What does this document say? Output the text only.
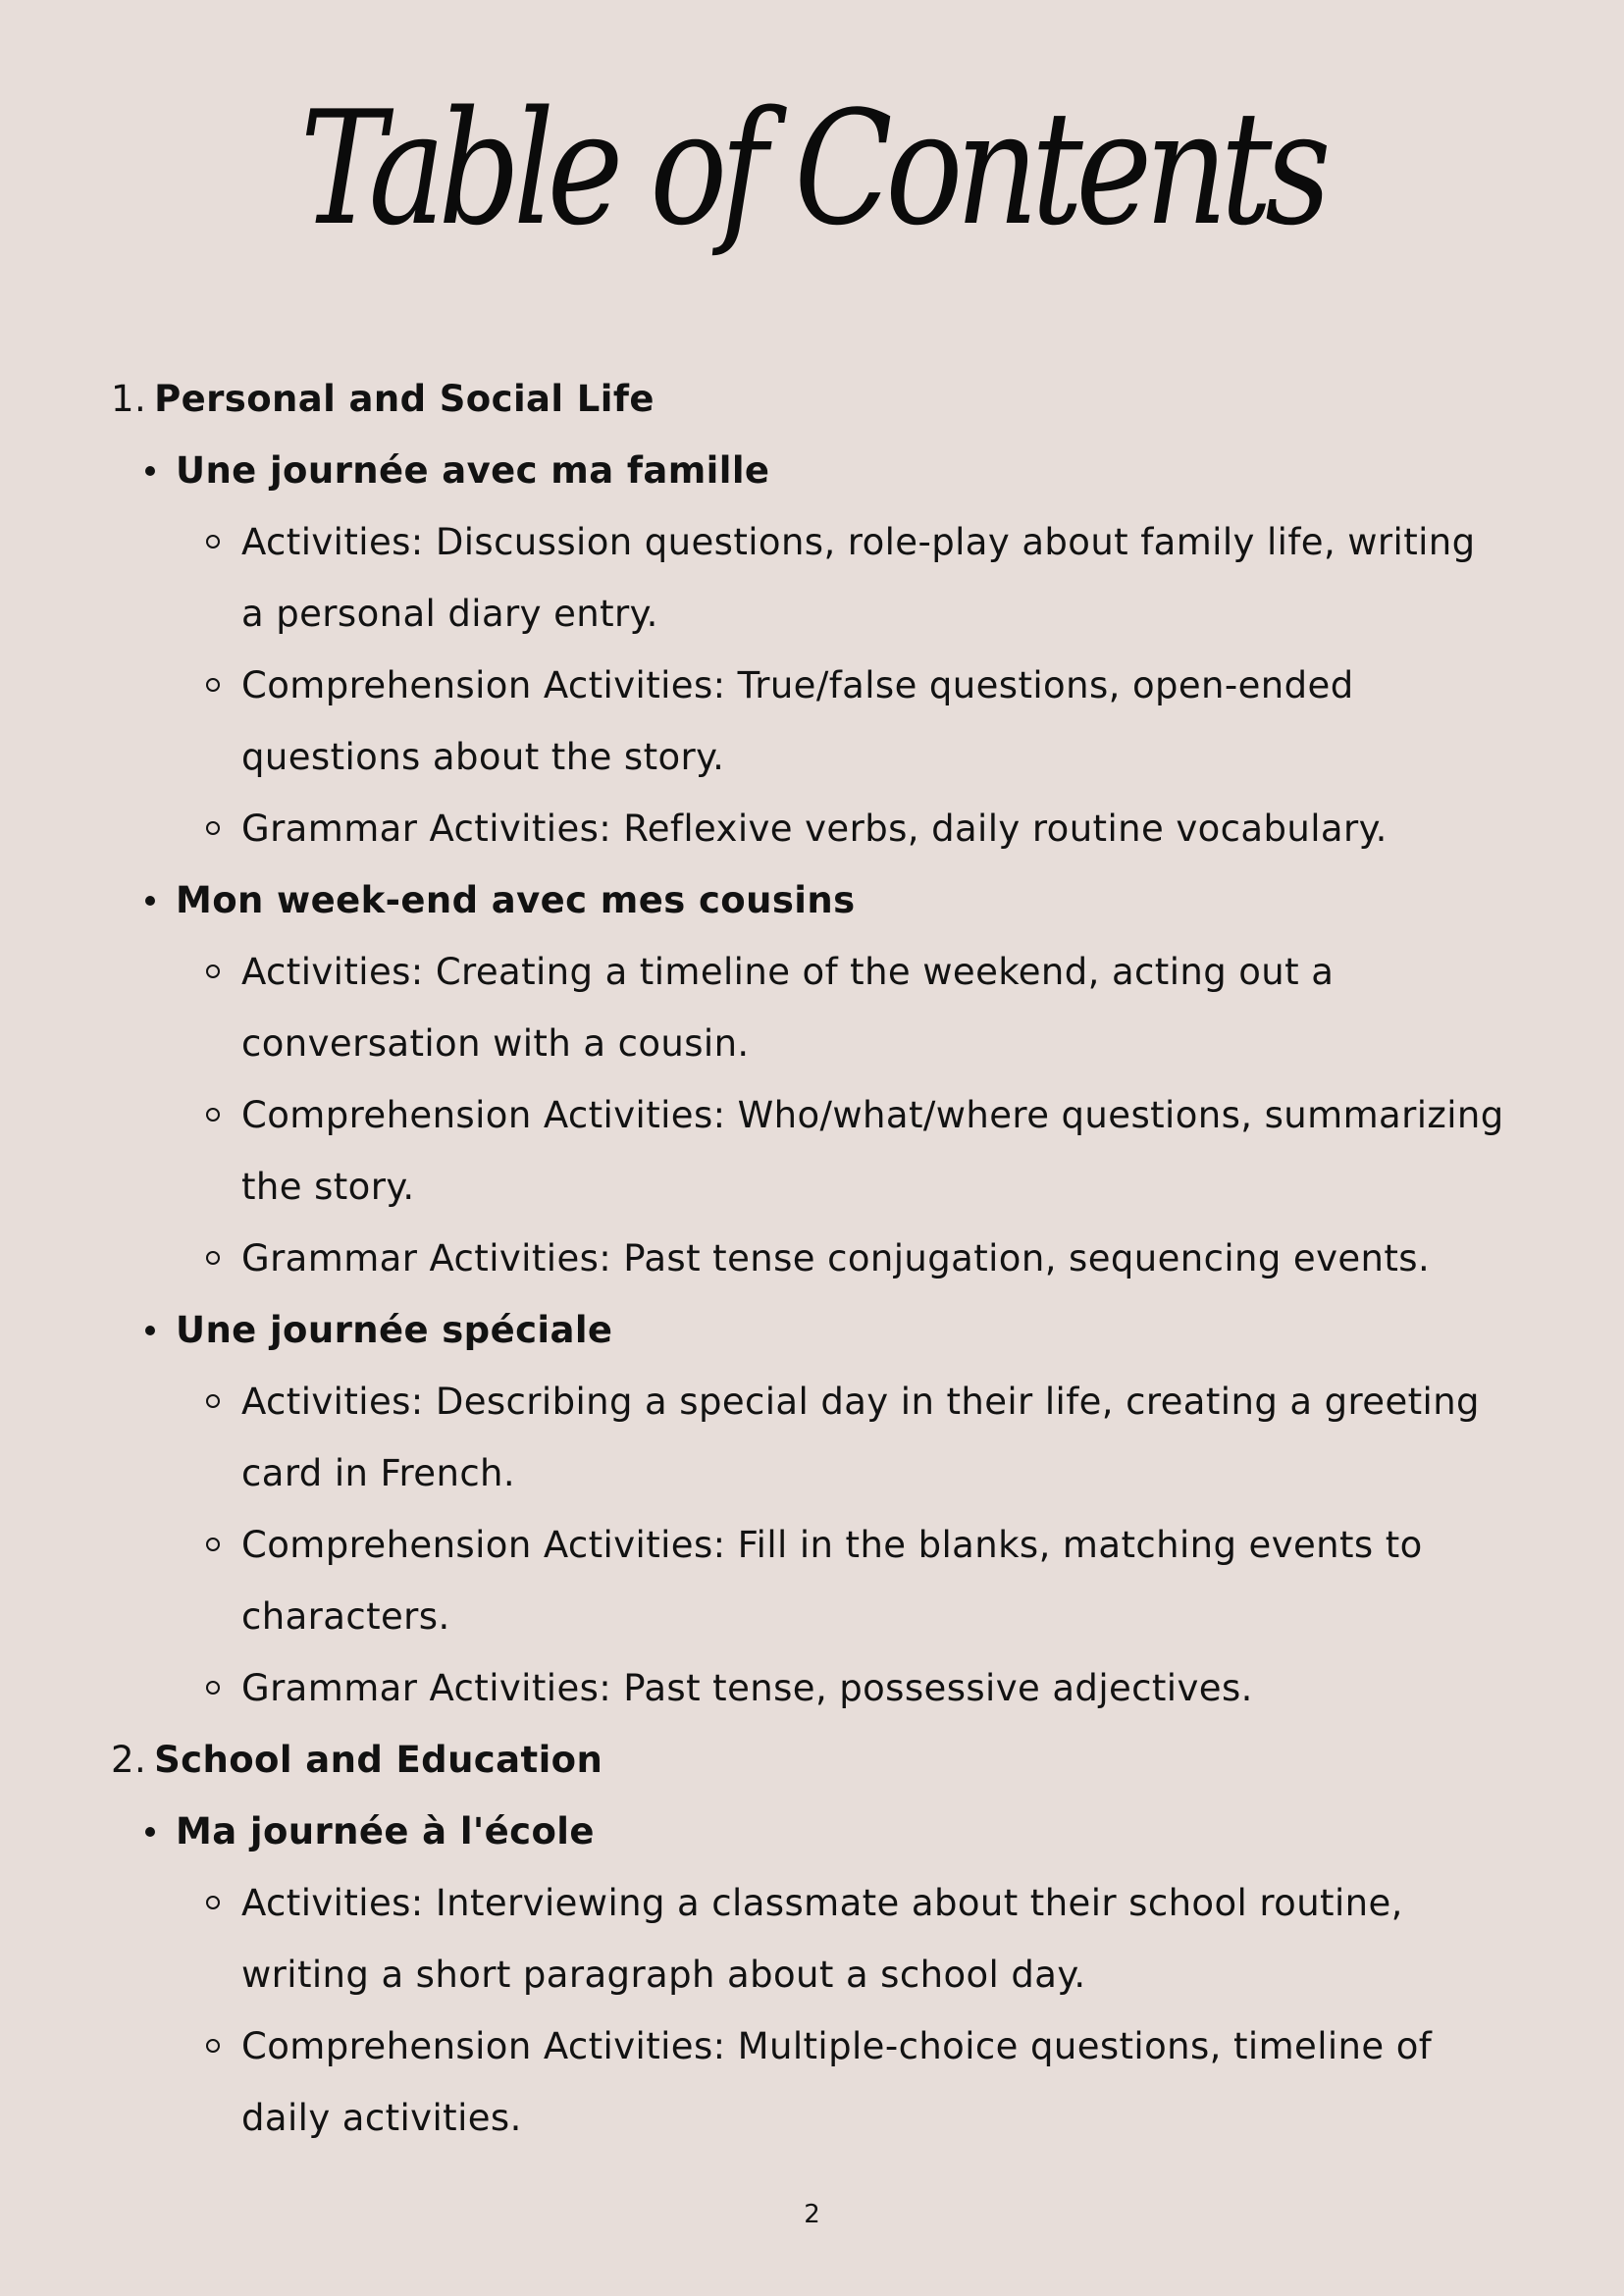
Table of Contents
1. Personal and Social Life
Une journée avec ma famille
Activities: Discussion questions, role-play about family life, writing a personal diary entry.
Comprehension Activities: True/false questions, open-ended questions about the story.
Grammar Activities: Reflexive verbs, daily routine vocabulary.
Mon week-end avec mes cousins
Activities: Creating a timeline of the weekend, acting out a conversation with a cousin.
Comprehension Activities: Who/what/where questions, summarizing the story.
Grammar Activities: Past tense conjugation, sequencing events.
Une journée spéciale
Activities: Describing a special day in their life, creating a greeting card in French.
Comprehension Activities: Fill in the blanks, matching events to characters.
Grammar Activities: Past tense, possessive adjectives.
2. School and Education
Ma journée à l'école
Activities: Interviewing a classmate about their school routine, writing a short paragraph about a school day.
Comprehension Activities: Multiple-choice questions, timeline of daily activities.
2
